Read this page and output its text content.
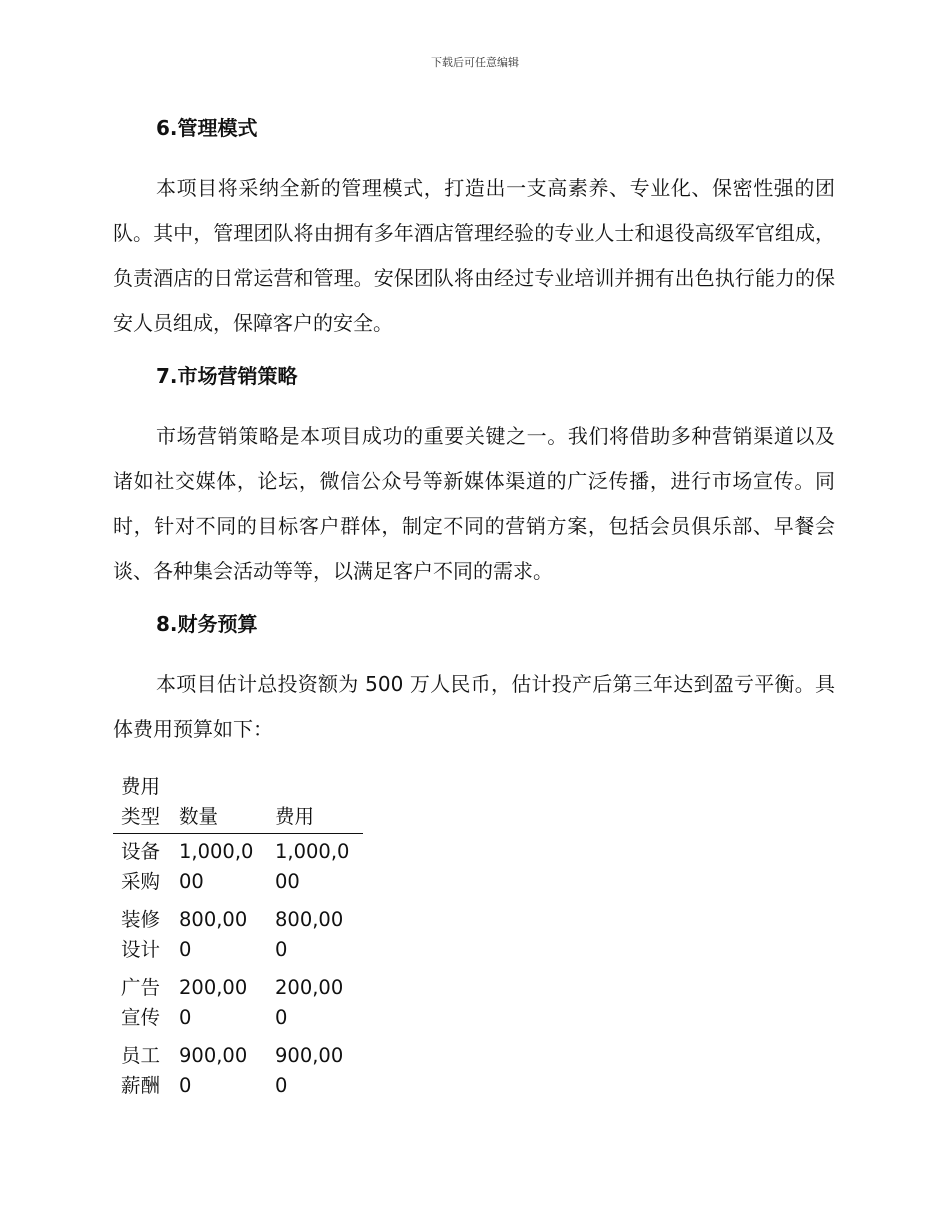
下载后可任意编辑
6.管理模式

本项目将采纳全新的管理模式，打造出一支高素养、专业化、保密性强的团队。其中，管理团队将由拥有多年酒店管理经验的专业人士和退役高级军官组成，负责酒店的日常运营和管理。安保团队将由经过专业培训并拥有出色执行能力的保安人员组成，保障客户的安全。

7.市场营销策略

市场营销策略是本项目成功的重要关键之一。我们将借助多种营销渠道以及诸如社交媒体，论坛，微信公众号等新媒体渠道的广泛传播，进行市场宣传。同时，针对不同的目标客户群体，制定不同的营销方案，包括会员俱乐部、早餐会谈、各种集会活动等等，以满足客户不同的需求。

8.财务预算

本项目估计总投资额为 500 万人民币，估计投产后第三年达到盈亏平衡。具体费用预算如下：

费用类型	数量	费用
设备采购	1,000,000	1,000,000
装修设计	800,000	800,000
广告宣传	200,000	200,000
员工薪酬	900,000	900,000
